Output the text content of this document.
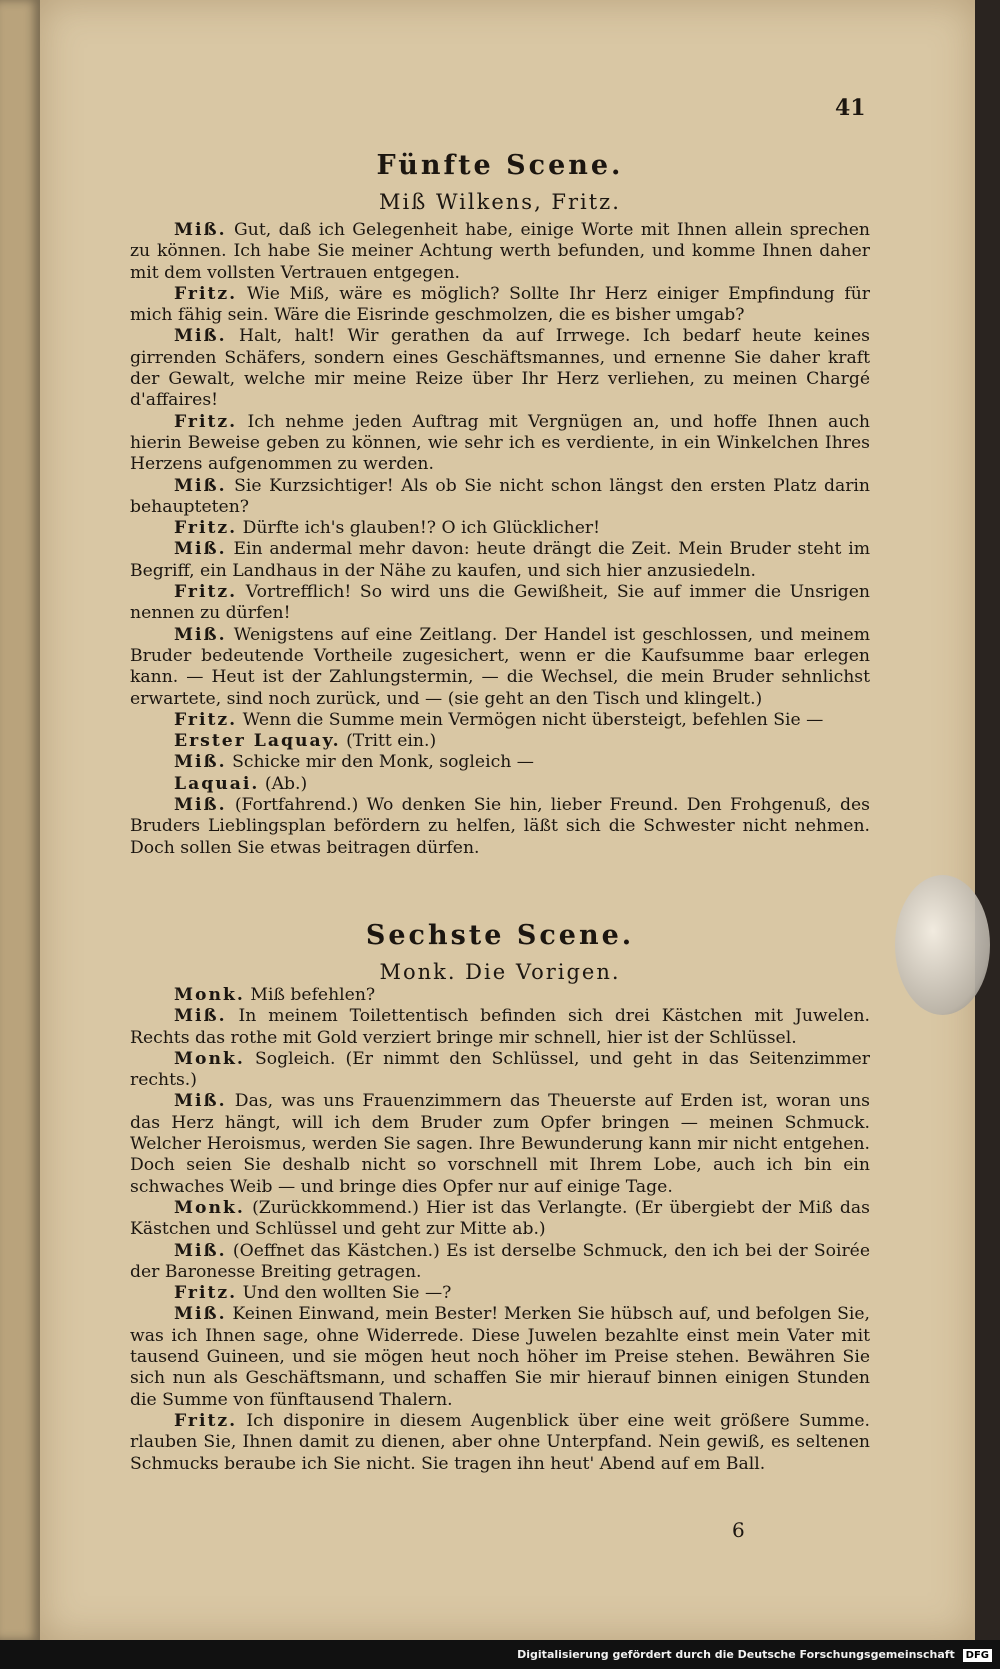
41
Fünfte Scene.
Miß Wilkens, Fritz.

Miß. Gut, daß ich Gelegenheit habe, einige Worte mit Ihnen allein sprechen zu können. Ich habe Sie meiner Achtung werth befunden, und komme Ihnen daher mit dem vollsten Vertrauen entgegen.

Fritz. Wie Miß, wäre es möglich? Sollte Ihr Herz einiger Empfindung für mich fähig sein. Wäre die Eisrinde geschmolzen, die es bisher umgab?

Miß. Halt, halt! Wir gerathen da auf Irrwege. Ich bedarf heute keines girrenden Schäfers, sondern eines Geschäftsmannes, und ernenne Sie daher kraft der Gewalt, welche mir meine Reize über Ihr Herz verliehen, zu meinen Chargé d'affaires!

Fritz. Ich nehme jeden Auftrag mit Vergnügen an, und hoffe Ihnen auch hierin Beweise geben zu können, wie sehr ich es verdiente, in ein Winkelchen Ihres Herzens aufgenommen zu werden.

Miß. Sie Kurzsichtiger! Als ob Sie nicht schon längst den ersten Platz darin behaupteten?

Fritz. Dürfte ich's glauben!? O ich Glücklicher!

Miß. Ein andermal mehr davon: heute drängt die Zeit. Mein Bruder steht im Begriff, ein Landhaus in der Nähe zu kaufen, und sich hier anzusiedeln.

Fritz. Vortrefflich! So wird uns die Gewißheit, Sie auf immer die Unsrigen nennen zu dürfen!

Miß. Wenigstens auf eine Zeitlang. Der Handel ist geschlossen, und meinem Bruder bedeutende Vortheile zugesichert, wenn er die Kaufsumme baar erlegen kann. — Heut ist der Zahlungstermin, — die Wechsel, die mein Bruder sehnlichst erwartete, sind noch zurück, und — (sie geht an den Tisch und klingelt.)

Fritz. Wenn die Summe mein Vermögen nicht übersteigt, befehlen Sie —

Erster Laquay. (Tritt ein.)

Miß. Schicke mir den Monk, sogleich —

Laquai. (Ab.)

Miß. (Fortfahrend.) Wo denken Sie hin, lieber Freund. Den Frohgenuß, des Bruders Lieblingsplan befördern zu helfen, läßt sich die Schwester nicht nehmen. Doch sollen Sie etwas beitragen dürfen.

Sechste Scene.
Monk. Die Vorigen.

Monk. Miß befehlen?

Miß. In meinem Toilettentisch befinden sich drei Kästchen mit Juwelen. Rechts das rothe mit Gold verziert bringe mir schnell, hier ist der Schlüssel.

Monk. Sogleich. (Er nimmt den Schlüssel, und geht in das Seitenzimmer rechts.)

Miß. Das, was uns Frauenzimmern das Theuerste auf Erden ist, woran uns das Herz hängt, will ich dem Bruder zum Opfer bringen — meinen Schmuck. Welcher Heroismus, werden Sie sagen. Ihre Bewunderung kann mir nicht entgehen. Doch seien Sie deshalb nicht so vorschnell mit Ihrem Lobe, auch ich bin ein schwaches Weib — und bringe dies Opfer nur auf einige Tage.

Monk. (Zurückkommend.) Hier ist das Verlangte. (Er übergiebt der Miß das Kästchen und Schlüssel und geht zur Mitte ab.)

Miß. (Oeffnet das Kästchen.) Es ist derselbe Schmuck, den ich bei der Soirée der Baronesse Breiting getragen.

Fritz. Und den wollten Sie —?

Miß. Keinen Einwand, mein Bester! Merken Sie hübsch auf, und befolgen Sie, was ich Ihnen sage, ohne Widerrede. Diese Juwelen bezahlte einst mein Vater mit tausend Guineen, und sie mögen heut noch höher im Preise stehen. Bewähren Sie sich nun als Geschäftsmann, und schaffen Sie mir hierauf binnen einigen Stunden die Summe von fünftausend Thalern.

Fritz. Ich disponire in diesem Augenblick über eine weit größere Summe. rlauben Sie, Ihnen damit zu dienen, aber ohne Unterpfand. Nein gewiß, es seltenen Schmucks beraube ich Sie nicht. Sie tragen ihn heut' Abend auf em Ball.

6
Digitalisierung gefördert durch die Deutsche Forschungsgemeinschaft DFG
